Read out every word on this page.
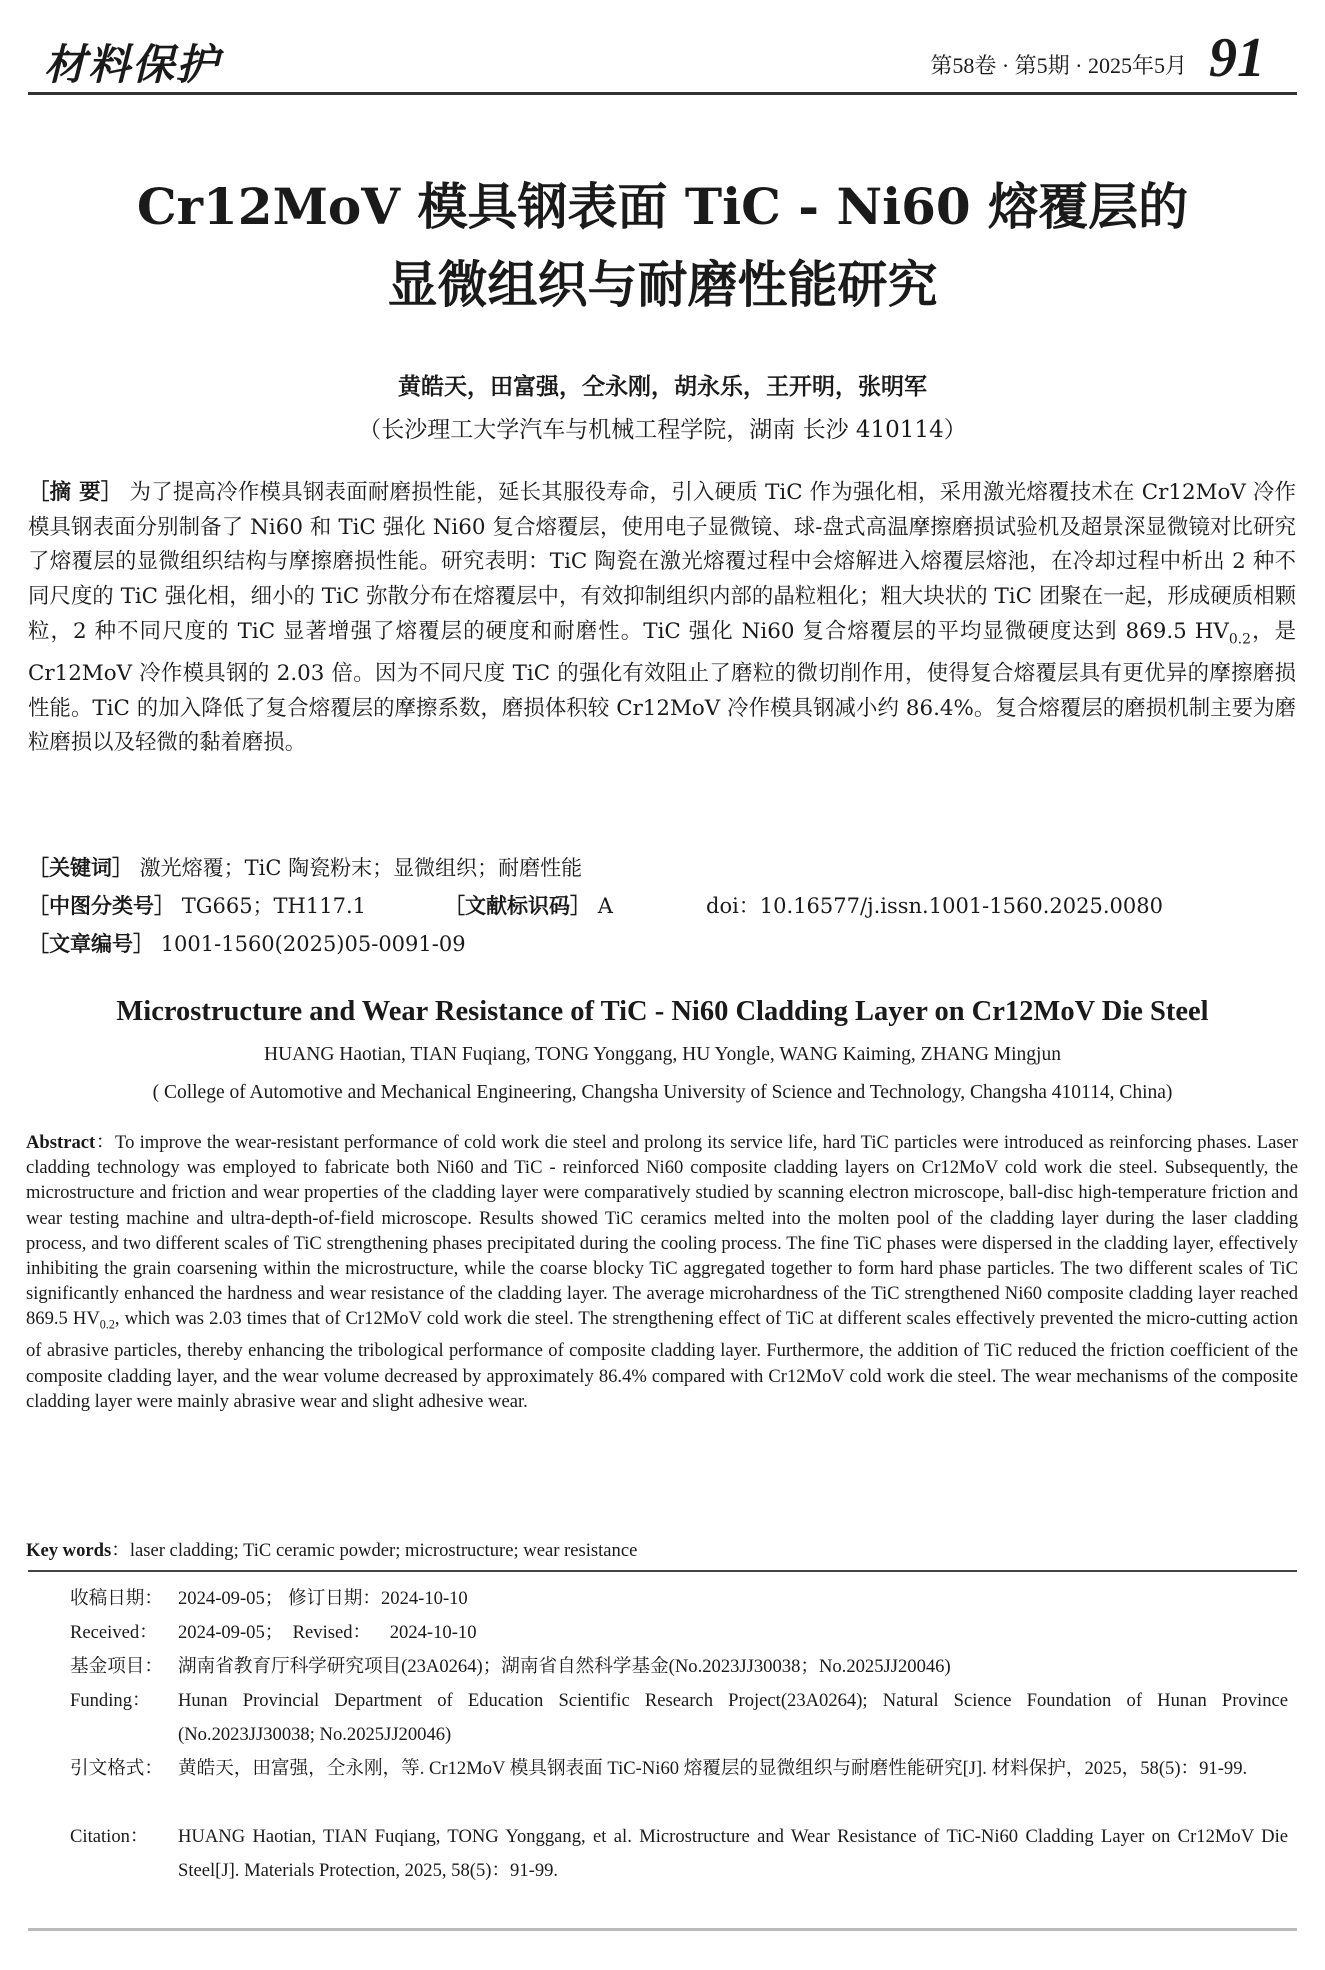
材料保护	第58卷 · 第5期 · 2025年5月 91
Cr12MoV 模具钢表面 TiC - Ni60 熔覆层的
显微组织与耐磨性能研究
黄皓天，田富强，仝永刚，胡永乐，王开明，张明军
（长沙理工大学汽车与机械工程学院，湖南 长沙 410114）
［摘 要］ 为了提高冷作模具钢表面耐磨损性能，延长其服役寿命，引入硬质 TiC 作为强化相，采用激光熔覆技术在 Cr12MoV 冷作模具钢表面分别制备了 Ni60 和 TiC 强化 Ni60 复合熔覆层，使用电子显微镜、球-盘式高温摩擦磨损试验机及超景深显微镜对比研究了熔覆层的显微组织结构与摩擦磨损性能。研究表明：TiC 陶瓷在激光熔覆过程中会熔解进入熔覆层熔池，在冷却过程中析出 2 种不同尺度的 TiC 强化相，细小的 TiC 弥散分布在熔覆层中，有效抑制组织内部的晶粒粗化；粗大块状的 TiC 团聚在一起，形成硬质相颗粒，2 种不同尺度的 TiC 显著增强了熔覆层的硬度和耐磨性。TiC 强化 Ni60 复合熔覆层的平均显微硬度达到 869.5 $HV_{0.2}$，是 Cr12MoV 冷作模具钢的 2.03 倍。因为不同尺度 TiC 的强化有效阻止了磨粒的微切削作用，使得复合熔覆层具有更优异的摩擦磨损性能。TiC 的加入降低了复合熔覆层的摩擦系数，磨损体积较 Cr12MoV 冷作模具钢减小约 86.4%。复合熔覆层的磨损机制主要为磨粒磨损以及轻微的黏着磨损。
［关键词］ 激光熔覆；TiC 陶瓷粉末；显微组织；耐磨性能
［中图分类号］ TG665；TH117.1	［文献标识码］ A	doi：10.16577/j.issn.1001-1560.2025.0080
［文章编号］ 1001-1560(2025)05-0091-09
Microstructure and Wear Resistance of TiC - Ni60 Cladding Layer on Cr12MoV Die Steel
HUANG Haotian, TIAN Fuqiang, TONG Yonggang, HU Yongle, WANG Kaiming, ZHANG Mingjun
( College of Automotive and Mechanical Engineering, Changsha University of Science and Technology, Changsha 410114, China)
Abstract：To improve the wear-resistant performance of cold work die steel and prolong its service life, hard TiC particles were introduced as reinforcing phases. Laser cladding technology was employed to fabricate both Ni60 and TiC - reinforced Ni60 composite cladding layers on Cr12MoV cold work die steel. Subsequently, the microstructure and friction and wear properties of the cladding layer were comparatively studied by scanning electron microscope, ball-disc high-temperature friction and wear testing machine and ultra-depth-of-field microscope. Results showed TiC ceramics melted into the molten pool of the cladding layer during the laser cladding process, and two different scales of TiC strengthening phases precipitated during the cooling process. The fine TiC phases were dispersed in the cladding layer, effectively inhibiting the grain coarsening within the microstructure, while the coarse blocky TiC aggregated together to form hard phase particles. The two different scales of TiC significantly enhanced the hardness and wear resistance of the cladding layer. The average microhardness of the TiC strengthened Ni60 composite cladding layer reached 869.5 $HV_{0.2}$, which was 2.03 times that of Cr12MoV cold work die steel. The strengthening effect of TiC at different scales effectively prevented the micro-cutting action of abrasive particles, thereby enhancing the tribological performance of composite cladding layer. Furthermore, the addition of TiC reduced the friction coefficient of the composite cladding layer, and the wear volume decreased by approximately 86.4% compared with Cr12MoV cold work die steel. The wear mechanisms of the composite cladding layer were mainly abrasive wear and slight adhesive wear.
Key words：laser cladding; TiC ceramic powder; microstructure; wear resistance
收稿日期： 2024-09-05； 修订日期：2024-10-10
Received： 2024-09-05；  Revised：    2024-10-10
基金项目： 湖南省教育厅科学研究项目(23A0264)；湖南省自然科学基金(No.2023JJ30038；No.2025JJ20046)
Funding： Hunan Provincial Department of Education Scientific Research Project(23A0264); Natural Science Foundation of Hunan Province (No.2023JJ30038; No.2025JJ20046)
引文格式： 黄皓天，田富强，仝永刚，等. Cr12MoV 模具钢表面 TiC-Ni60 熔覆层的显微组织与耐磨性能研究[J]. 材料保护，2025，58(5)：91-99.
Citation： HUANG Haotian, TIAN Fuqiang, TONG Yonggang, et al. Microstructure and Wear Resistance of TiC-Ni60 Cladding Layer on Cr12MoV Die Steel[J]. Materials Protection, 2025, 58(5)：91-99.
